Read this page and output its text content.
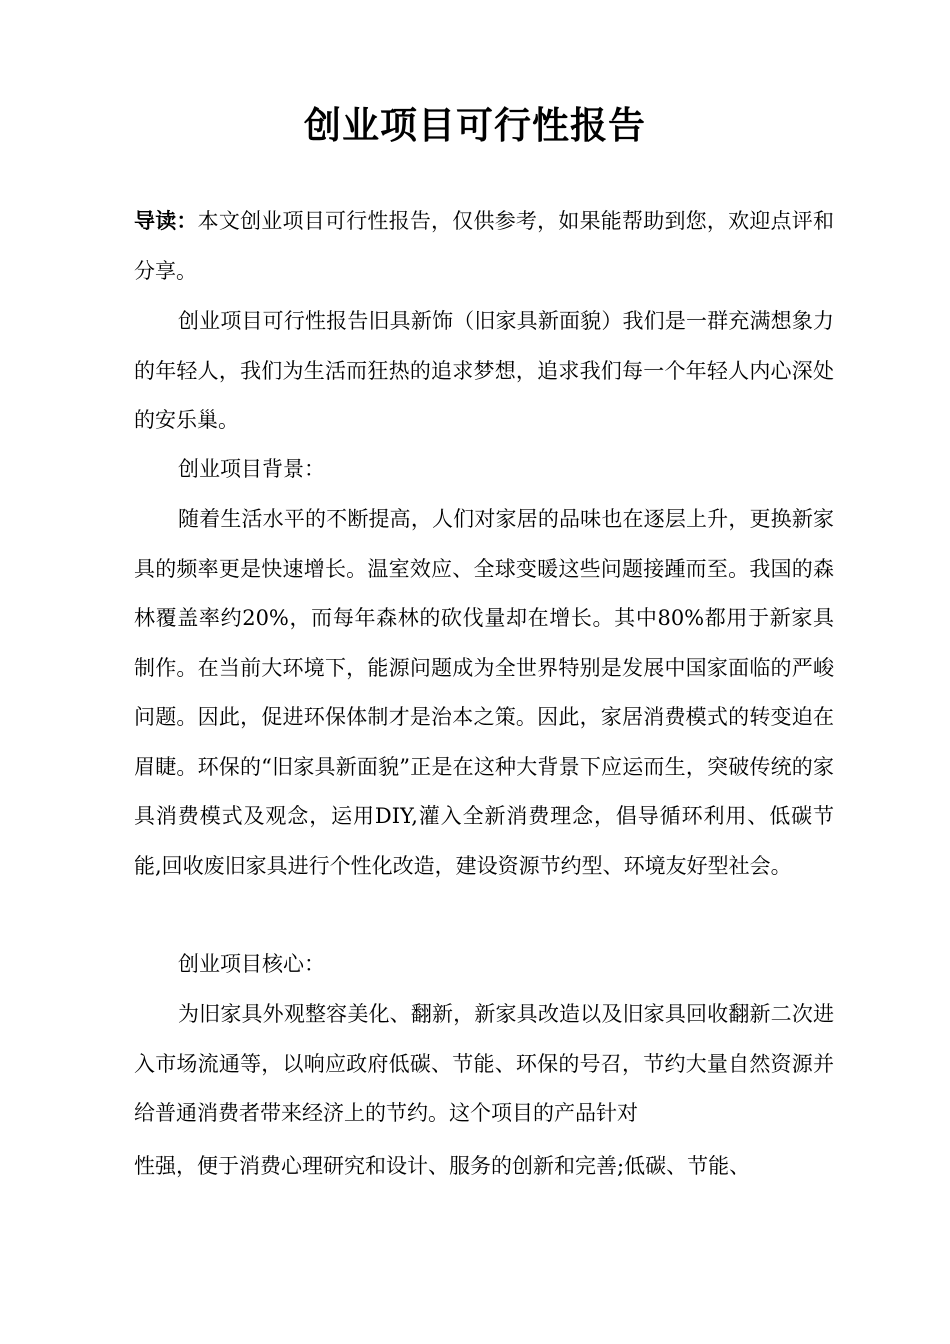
创业项目可行性报告

导读：本文创业项目可行性报告，仅供参考，如果能帮助到您，欢迎点评和分享。

创业项目可行性报告旧具新饰（旧家具新面貌）我们是一群充满想象力的年轻人，我们为生活而狂热的追求梦想，追求我们每一个年轻人内心深处的安乐巢。

创业项目背景：

随着生活水平的不断提高，人们对家居的品味也在逐层上升，更换新家具的频率更是快速增长。温室效应、全球变暖这些问题接踵而至。我国的森林覆盖率约20%，而每年森林的砍伐量却在增长。其中80%都用于新家具制作。在当前大环境下，能源问题成为全世界特别是发展中国家面临的严峻问题。因此，促进环保体制才是治本之策。因此，家居消费模式的转变迫在眉睫。环保的“旧家具新面貌”正是在这种大背景下应运而生，突破传统的家具消费模式及观念，运用DIY,灌入全新消费理念，倡导循环利用、低碳节能,回收废旧家具进行个性化改造，建设资源节约型、环境友好型社会。

创业项目核心：

为旧家具外观整容美化、翻新，新家具改造以及旧家具回收翻新二次进入市场流通等，以响应政府低碳、节能、环保的号召，节约大量自然资源并给普通消费者带来经济上的节约。这个项目的产品针对

性强，便于消费心理研究和设计、服务的创新和完善;低碳、节能、
